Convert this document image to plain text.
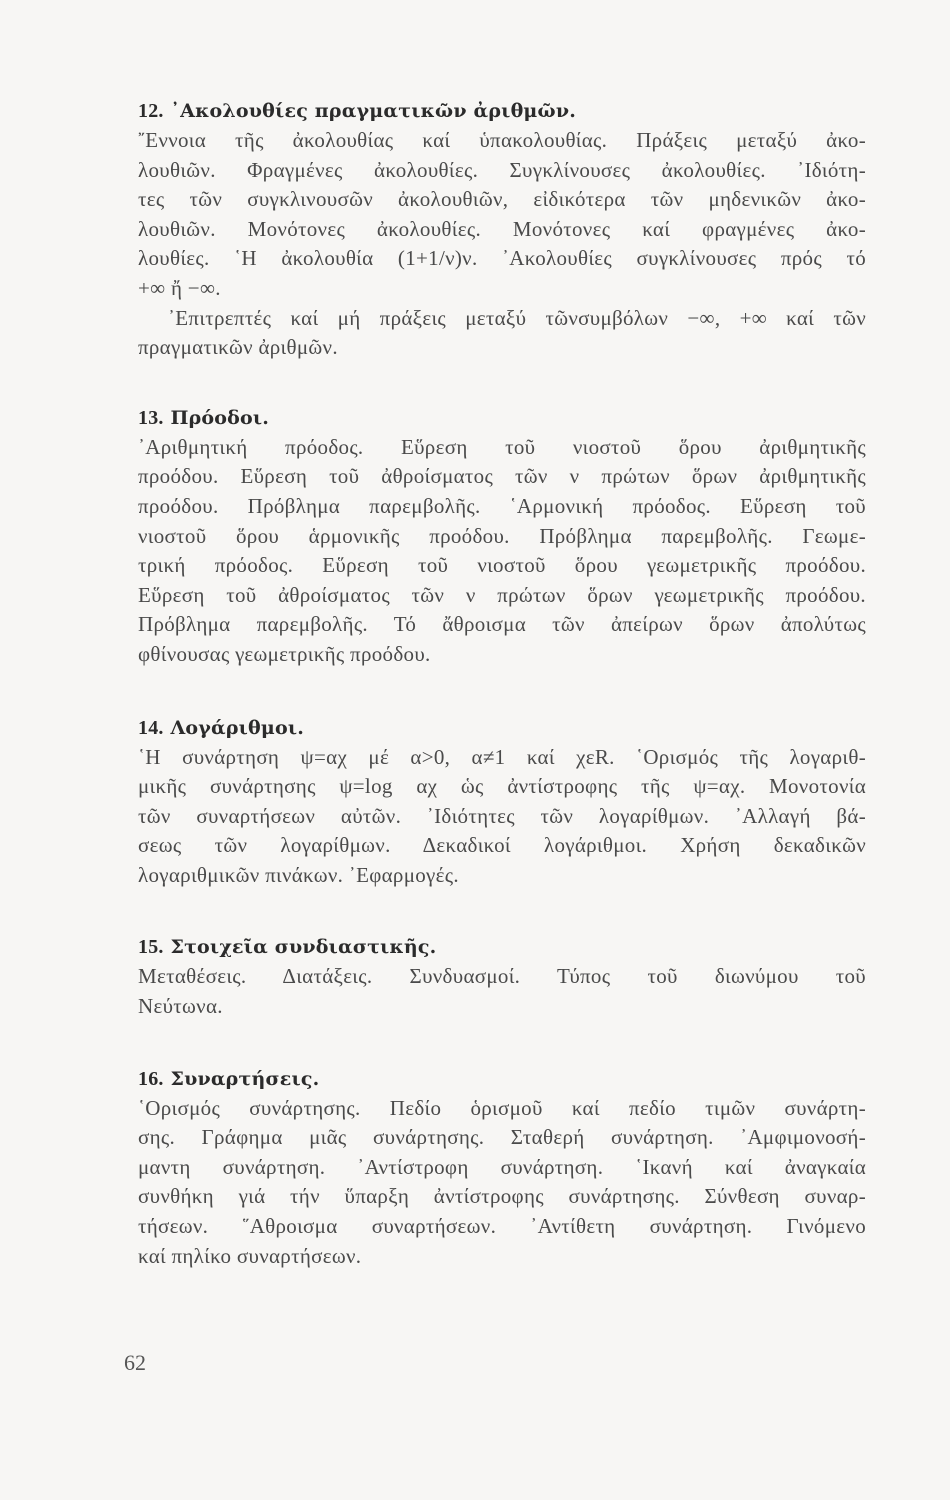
12. ᾽Ακολουθίες πραγματικῶν ἀριθμῶν.
῎Εννοια τῆς ἀκολουθίας καί ὑπακολουθίας. Πράξεις μεταξύ ἀκο-
λουθιῶν. Φραγμένες ἀκολουθίες. Συγκλίνουσες ἀκολουθίες. ᾽Ιδιότη-
τες τῶν συγκλινουσῶν ἀκολουθιῶν, εἰδικότερα τῶν μηδενικῶν ἀκο-
λουθιῶν. Μονότονες ἀκολουθίες. Μονότονες καί φραγμένες ἀκο-
λουθίες. ῾Η ἀκολουθία (1+1/ν)ν. ᾽Ακολουθίες συγκλίνουσες πρός τό
+∞ ἤ −∞.
᾽Επιτρεπτές καί μή πράξεις μεταξύ τῶνσυμβόλων −∞, +∞ καί τῶν
πραγματικῶν ἀριθμῶν.
13. Πρόοδοι.
᾽Αριθμητική πρόοδος. Εὕρεση τοῦ νιοστοῦ ὅρου ἀριθμητικῆς
προόδου. Εὕρεση τοῦ ἀθροίσματος τῶν ν πρώτων ὅρων ἀριθμητικῆς
προόδου. Πρόβλημα παρεμβολῆς. ῾Αρμονική πρόοδος. Εὕρεση τοῦ
νιοστοῦ ὅρου ἁρμονικῆς προόδου. Πρόβλημα παρεμβολῆς. Γεωμε-
τρική πρόοδος. Εὕρεση τοῦ νιοστοῦ ὅρου γεωμετρικῆς προόδου.
Εὕρεση τοῦ ἀθροίσματος τῶν ν πρώτων ὅρων γεωμετρικῆς προόδου.
Πρόβλημα παρεμβολῆς. Τό ἄθροισμα τῶν ἀπείρων ὅρων ἀπολύτως
φθίνουσας γεωμετρικῆς προόδου.
14. Λογάριθμοι.
῾Η συνάρτηση ψ=αχ μέ α>0, α≠1 καί χεR. ῾Ορισμός τῆς λογαριθ-
μικῆς συνάρτησης ψ=log αχ ὡς ἀντίστροφης τῆς ψ=αχ. Μονοτονία
τῶν συναρτήσεων αὐτῶν. ᾽Ιδιότητες τῶν λογαρίθμων. ᾽Αλλαγή βά-
σεως τῶν λογαρίθμων. Δεκαδικοί λογάριθμοι. Χρήση δεκαδικῶν
λογαριθμικῶν πινάκων. ᾽Εφαρμογές.
15. Στοιχεῖα συνδιαστικῆς.
Μεταθέσεις. Διατάξεις. Συνδυασμοί. Τύπος τοῦ διωνύμου τοῦ
Νεύτωνα.
16. Συναρτήσεις.
῾Ορισμός συνάρτησης. Πεδίο ὁρισμοῦ καί πεδίο τιμῶν συνάρτη-
σης. Γράφημα μιᾶς συνάρτησης. Σταθερή συνάρτηση. ᾽Αμφιμονοσή-
μαντη συνάρτηση. ᾽Αντίστροφη συνάρτηση. ῾Ικανή καί ἀναγκαία
συνθήκη γιά τήν ὕπαρξη ἀντίστροφης συνάρτησης. Σύνθεση συναρ-
τήσεων. ῞Αθροισμα συναρτήσεων. ᾽Αντίθετη συνάρτηση. Γινόμενο
καί πηλίκο συναρτήσεων.
62
